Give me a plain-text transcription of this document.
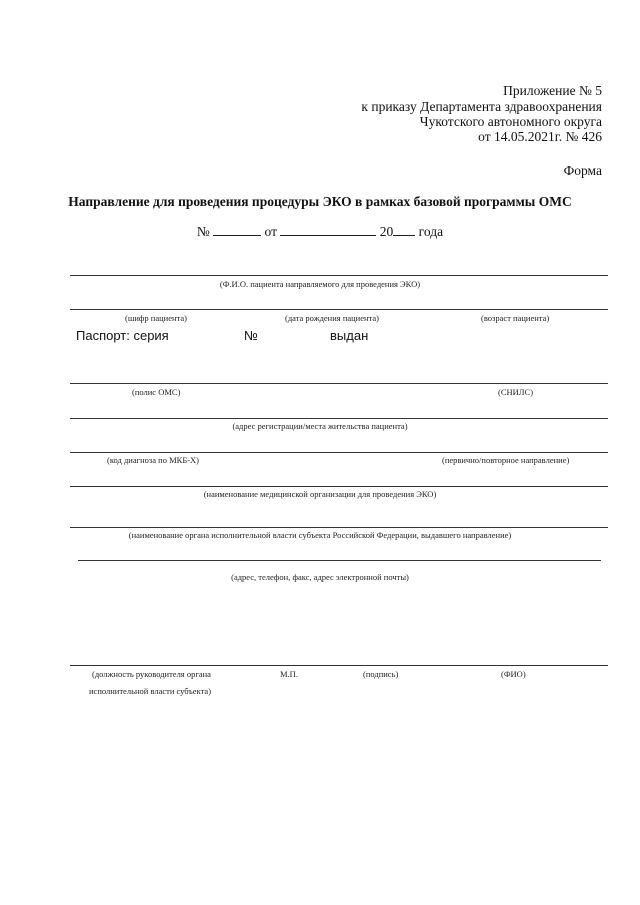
Приложение № 5
к приказу Департамента здравоохранения
Чукотского автономного округа
от 14.05.2021г. № 426
Форма
Направление для проведения процедуры ЭКО в рамках базовой программы ОМС
№	от	20 года
(Ф.И.О. пациента направляемого для проведения ЭКО)
(шифр пациента)	(дата рождения пациента)	(возраст пациента)
Паспорт: серия	№	выдан
(полис ОМС)	(СНИЛС)
(адрес регистрации/места жительства пациента)
(код диагноза по МКБ-Х)	(первично/повторное направление)
(наименование медицинской организации для проведения ЭКО)
(наименование органа исполнительной власти субъекта Российской Федерации, выдавшего направление)
(адрес, телефон, факс, адрес электронной почты)
(должность руководителя органа
исполнительной власти субъекта)
М.П.	(подпись)	(ФИО)
